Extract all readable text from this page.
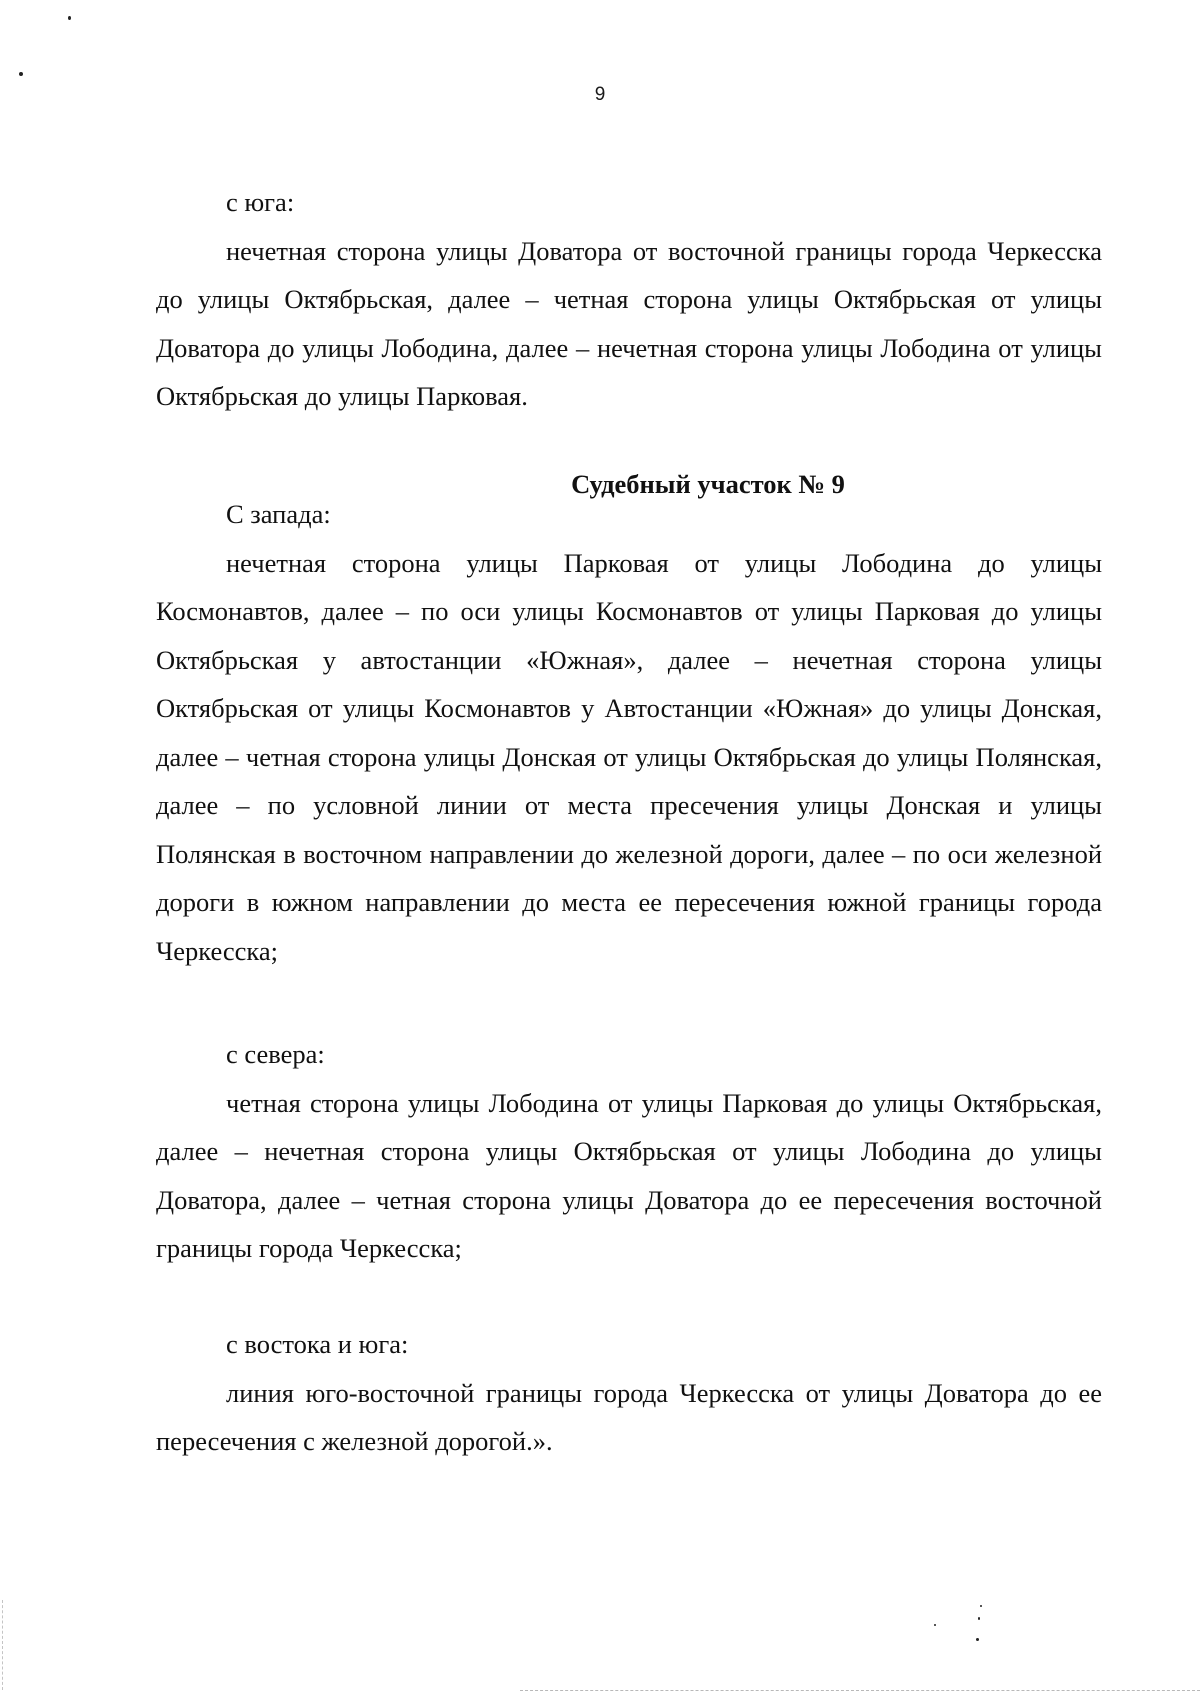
9

с юга:

нечетная сторона улицы Доватора от восточной границы города Черкесска до улицы Октябрьская, далее – четная сторона улицы Октябрьская от улицы Доватора до улицы Лободина, далее – нечетная сторона улицы Лободина от улицы Октябрьская до улицы Парковая.

Судебный участок № 9

С запада:

нечетная сторона улицы Парковая от улицы Лободина до улицы Космонавтов, далее – по оси улицы Космонавтов от улицы Парковая до улицы Октябрьская у автостанции «Южная», далее – нечетная сторона улицы Октябрьская от улицы Космонавтов у Автостанции «Южная» до улицы Донская, далее – четная сторона улицы Донская от улицы Октябрьская до улицы Полянская, далее – по условной линии от места пресечения улицы Донская и улицы Полянская в восточном направлении до железной дороги, далее – по оси железной дороги в южном направлении до места ее пересечения южной границы города Черкесска;

с севера:

четная сторона улицы Лободина от улицы Парковая до улицы Октябрьская, далее – нечетная сторона улицы Октябрьская от улицы Лободина до улицы Доватора, далее – четная сторона улицы Доватора до ее пересечения восточной границы города Черкесска;

с востока и юга:

линия юго-восточной границы города Черкесска от улицы Доватора до ее пересечения с железной дорогой.».
